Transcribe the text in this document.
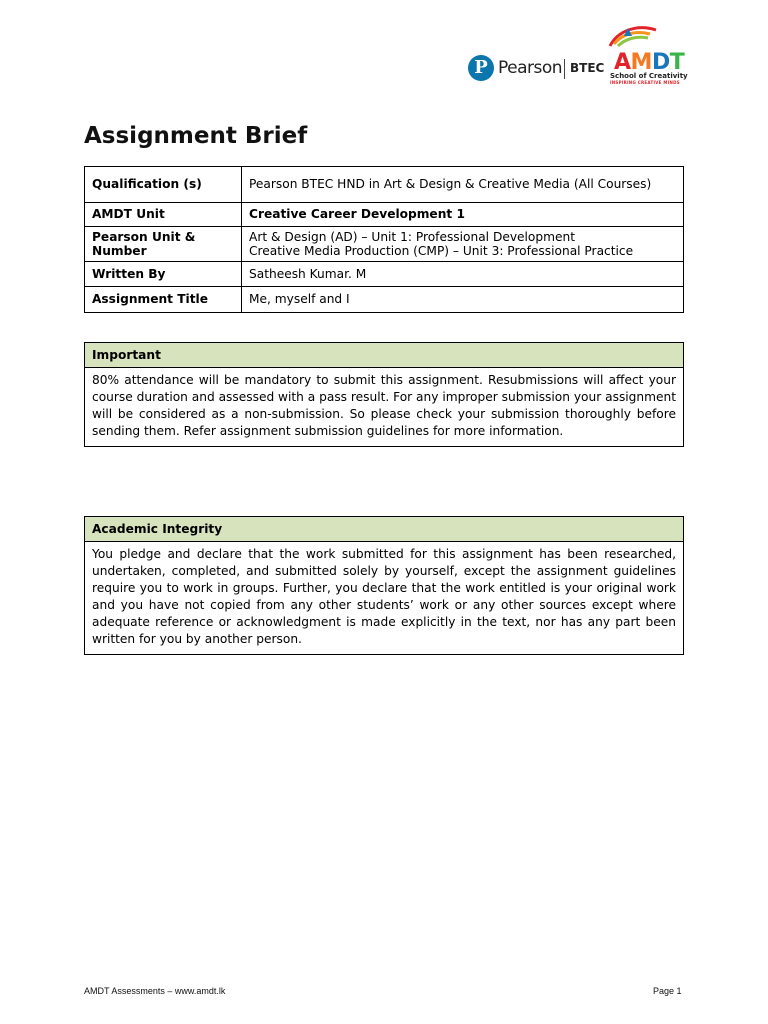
P Pearson BTEC AMDT
School of Creativity
INSPIRING CREATIVE MINDS
Assignment Brief
Qualification (s)	Pearson BTEC HND in Art & Design & Creative Media (All Courses)
AMDT Unit	Creative Career Development 1
Pearson Unit & Number	Art & Design (AD) – Unit 1: Professional Development
Creative Media Production (CMP) – Unit 3: Professional Practice

Written By	Satheesh Kumar. M
Assignment Title	Me, myself and I
Important
80% attendance will be mandatory to submit this assignment. Resubmissions will affect your course duration and assessed with a pass result. For any improper submission your assignment will be considered as a non-submission. So please check your submission thoroughly before sending them. Refer assignment submission guidelines for more information.
Academic Integrity
You pledge and declare that the work submitted for this assignment has been researched, undertaken, completed, and submitted solely by yourself, except the assignment guidelines require you to work in groups. Further, you declare that the work entitled is your original work and you have not copied from any other students’ work or any other sources except where adequate reference or acknowledgment is made explicitly in the text, nor has any part been written for you by another person.
AMDT Assessments – www.amdt.lk	Page 1
